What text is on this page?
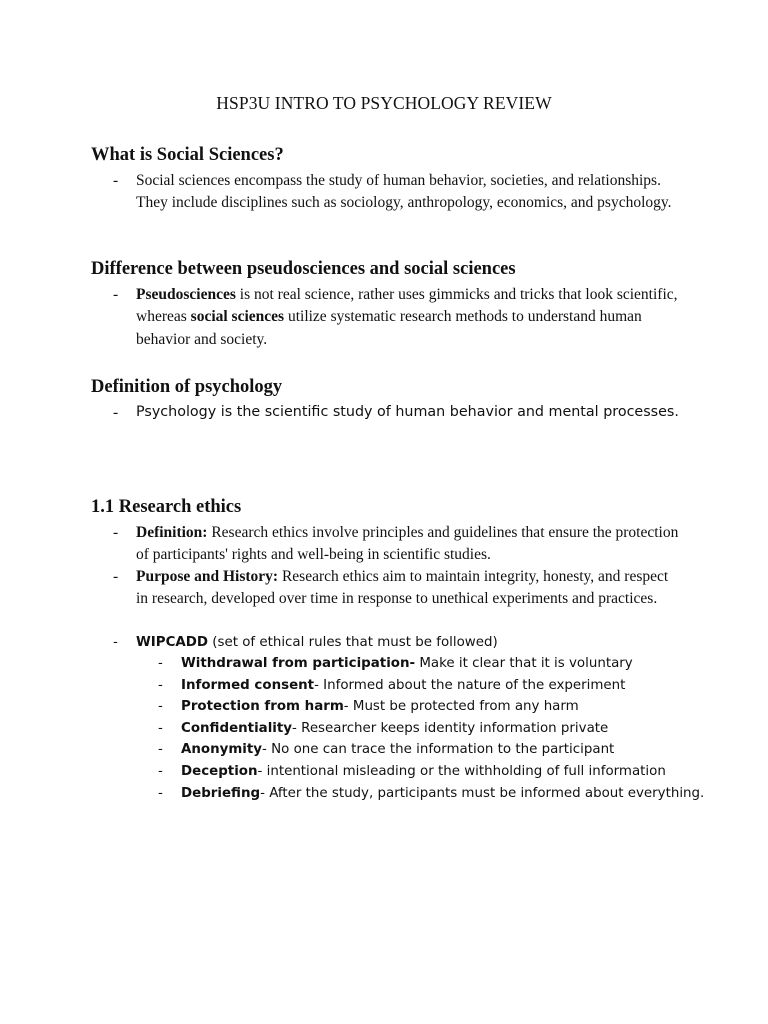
HSP3U INTRO TO PSYCHOLOGY REVIEW
What is Social Sciences?
- Social sciences encompass the study of human behavior, societies, and relationships. They include disciplines such as sociology, anthropology, economics, and psychology.
Difference between pseudosciences and social sciences
- Pseudosciences is not real science, rather uses gimmicks and tricks that look scientific, whereas social sciences utilize systematic research methods to understand human behavior and society.
Definition of psychology
- Psychology is the scientific study of human behavior and mental processes.
1.1 Research ethics
- Definition: Research ethics involve principles and guidelines that ensure the protection of participants' rights and well-being in scientific studies.
- Purpose and History: Research ethics aim to maintain integrity, honesty, and respect in research, developed over time in response to unethical experiments and practices.
- WIPCADD (set of ethical rules that must be followed)
- Withdrawal from participation- Make it clear that it is voluntary
- Informed consent- Informed about the nature of the experiment
- Protection from harm- Must be protected from any harm
- Confidentiality- Researcher keeps identity information private
- Anonymity- No one can trace the information to the participant
- Deception- intentional misleading or the withholding of full information
- Debriefing- After the study, participants must be informed about everything.
